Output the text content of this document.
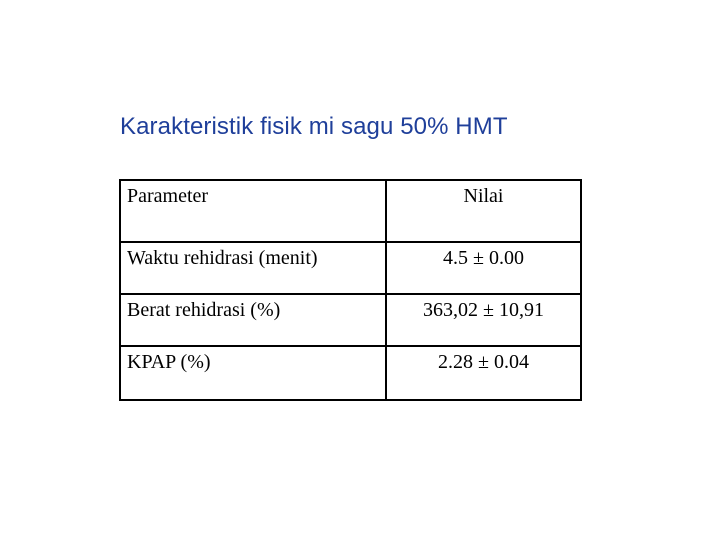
Karakteristik fisik mi sagu 50% HMT
Parameter	Nilai
Waktu rehidrasi (menit)	4.5 ± 0.00
Berat rehidrasi (%)	363,02 ± 10,91
KPAP (%)	2.28 ± 0.04
